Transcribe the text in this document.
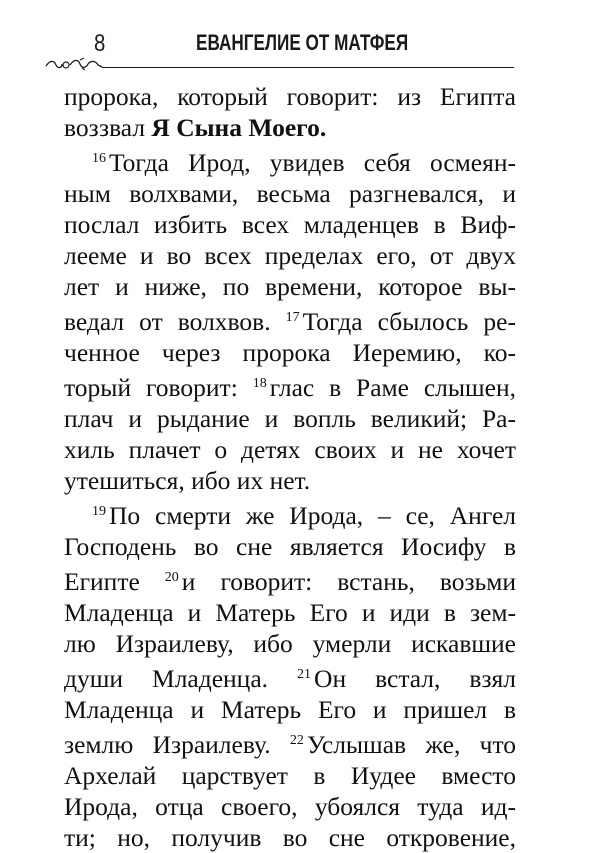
8	ЕВАНГЕЛИЕ ОТ МАТФЕЯ
пророка, который говорит: из Египта
воззвал Я Сына Моего.
$^{16}$ Тогда Ирод, увидев себя осмеян-
ным волхвами, весьма разгневался, и
послал избить всех младенцев в Виф-
лееме и во всех пределах его, от двух
лет и ниже, по времени, которое вы-
ведал от волхвов. $^{17}$ Тогда сбылось ре-
ченное через пророка Иеремию, ко-
торый говорит: $^{18}$ глас в Раме слышен,
плач и рыдание и вопль великий; Ра-
хиль плачет о детях своих и не хочет
утешиться, ибо их нет.
$^{19}$ По смерти же Ирода, – се, Ангел
Господень во сне является Иосифу в
Египте $^{20}$ и говорит: встань, возьми
Младенца и Матерь Его и иди в зем-
лю Израилеву, ибо умерли искавшие
души Младенца. $^{21}$ Он встал, взял
Младенца и Матерь Его и пришел в
землю Израилеву. $^{22}$ Услышав же, что
Архелай царствует в Иудее вместо
Ирода, отца своего, убоялся туда ид-
ти; но, получив во сне откровение,
